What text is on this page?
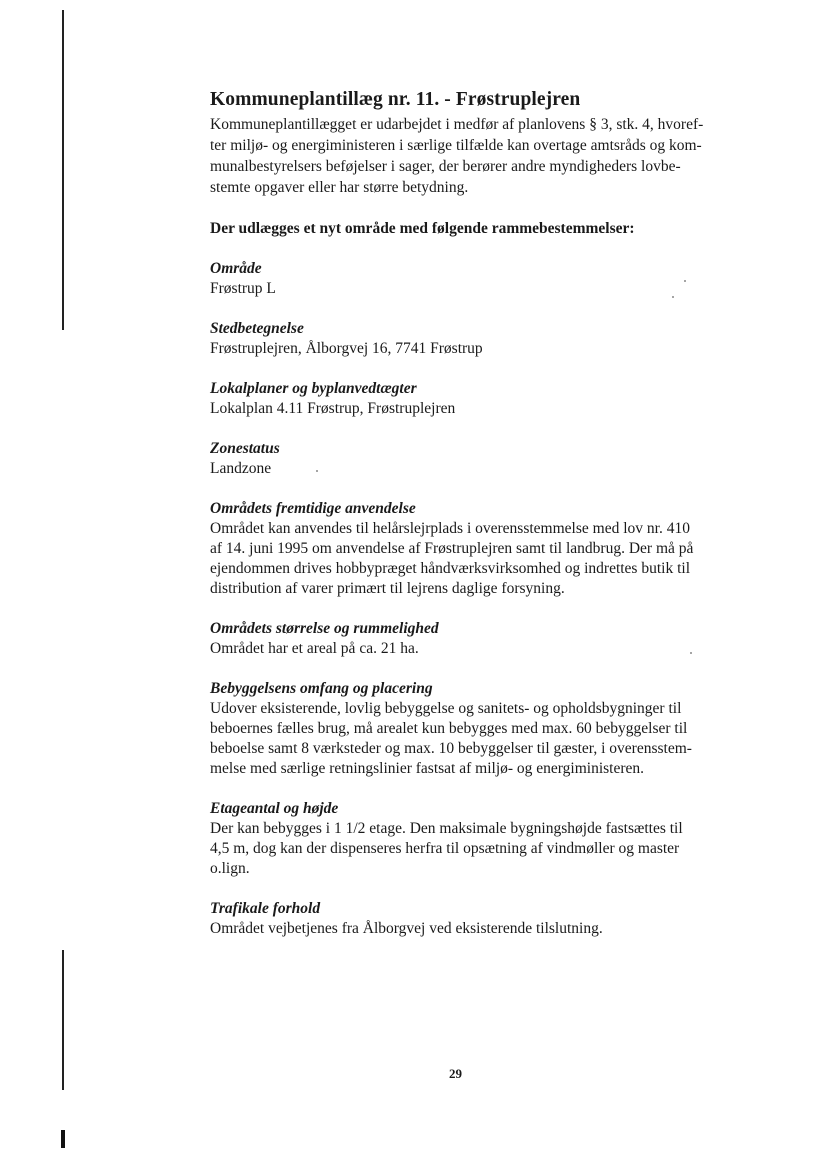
Kommuneplantillæg nr. 11. - Frøstruplejren

Kommuneplantillægget er udarbejdet i medfør af planlovens § 3, stk. 4, hvoref-
ter miljø- og energiministeren i særlige tilfælde kan overtage amtsråds og kom-
munalbestyrelsers beføjelser i sager, der berører andre myndigheders lovbe-
stemte opgaver eller har større betydning.

Der udlægges et nyt område med følgende rammebestemmelser:

Område

Frøstrup L

Stedbetegnelse

Frøstruplejren, Ålborgvej 16, 7741 Frøstrup

Lokalplaner og byplanvedtægter

Lokalplan 4.11 Frøstrup, Frøstruplejren

Zonestatus

Landzone

Områdets fremtidige anvendelse

Området kan anvendes til helårslejrplads i overensstemmelse med lov nr. 410
af 14. juni 1995 om anvendelse af Frøstruplejren samt til landbrug. Der må på
ejendommen drives hobbypræget håndværksvirksomhed og indrettes butik til
distribution af varer primært til lejrens daglige forsyning.

Områdets størrelse og rummelighed

Området har et areal på ca. 21 ha.

Bebyggelsens omfang og placering

Udover eksisterende, lovlig bebyggelse og sanitets- og opholdsbygninger til
beboernes fælles brug, må arealet kun bebygges med max. 60 bebyggelser til
beboelse samt 8 værksteder og max. 10 bebyggelser til gæster, i overensstem-
melse med særlige retningslinier fastsat af miljø- og energiministeren.

Etageantal og højde

Der kan bebygges i 1 1/2 etage. Den maksimale bygningshøjde fastsættes til
4,5 m, dog kan der dispenseres herfra til opsætning af vindmøller og master
o.lign.

Trafikale forhold

Området vejbetjenes fra Ålborgvej ved eksisterende tilslutning.

29
